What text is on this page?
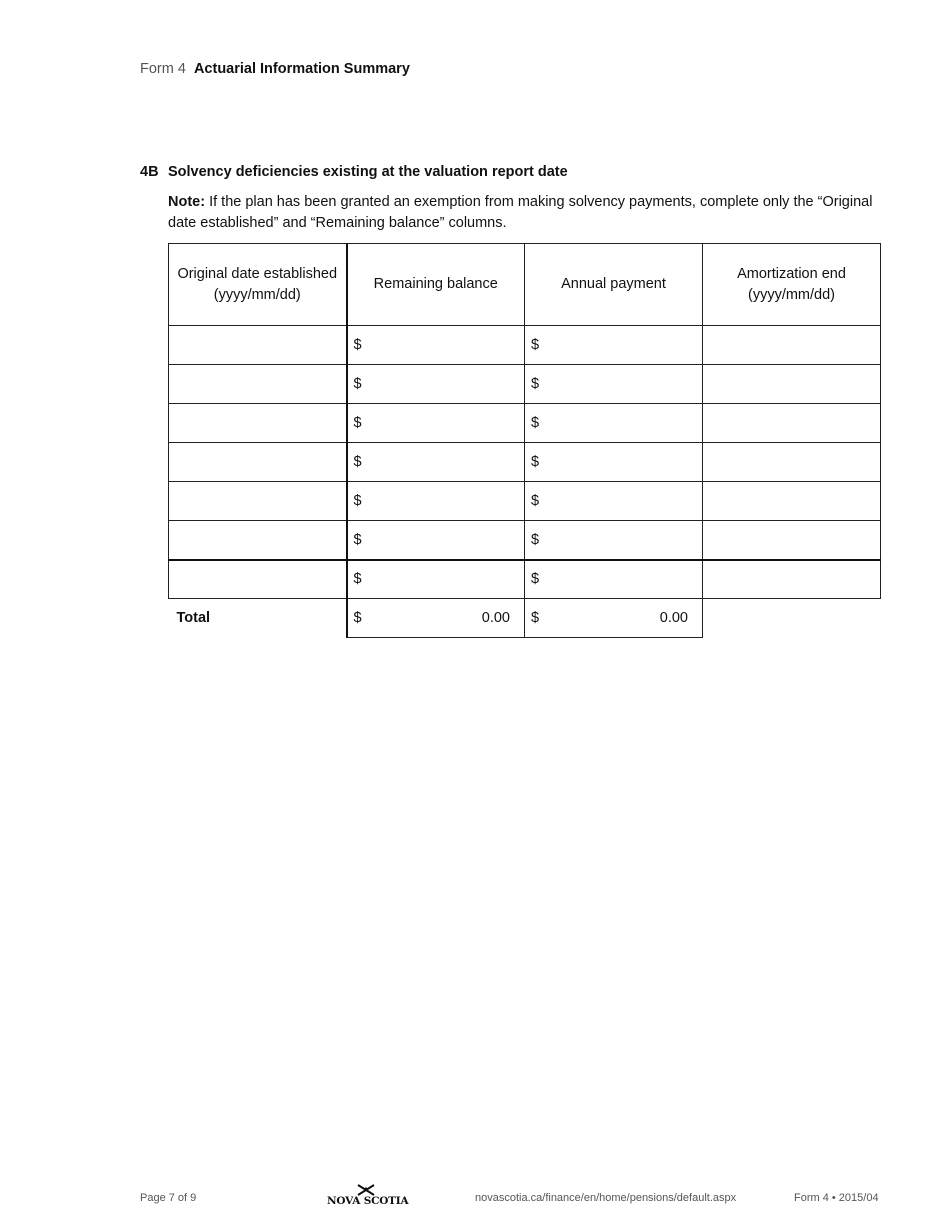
Form 4 Actuarial Information Summary
4B Solvency deficiencies existing at the valuation report date
Note: If the plan has been granted an exemption from making solvency payments, complete only the “Original date established” and “Remaining balance” columns.
Original date established (yyyy/mm/dd)	Remaining balance	Annual payment	Amortization end (yyyy/mm/dd)

	$	$	

	$	$	

	$	$	

	$	$	

	$	$	

	$	$	

	$	$	

Total	$ 0.00	$ 0.00	

Page 7 of 9	NOVA SCOTIA	novascotia.ca/finance/en/home/pensions/default.aspx	Form 4 • 2015/04
